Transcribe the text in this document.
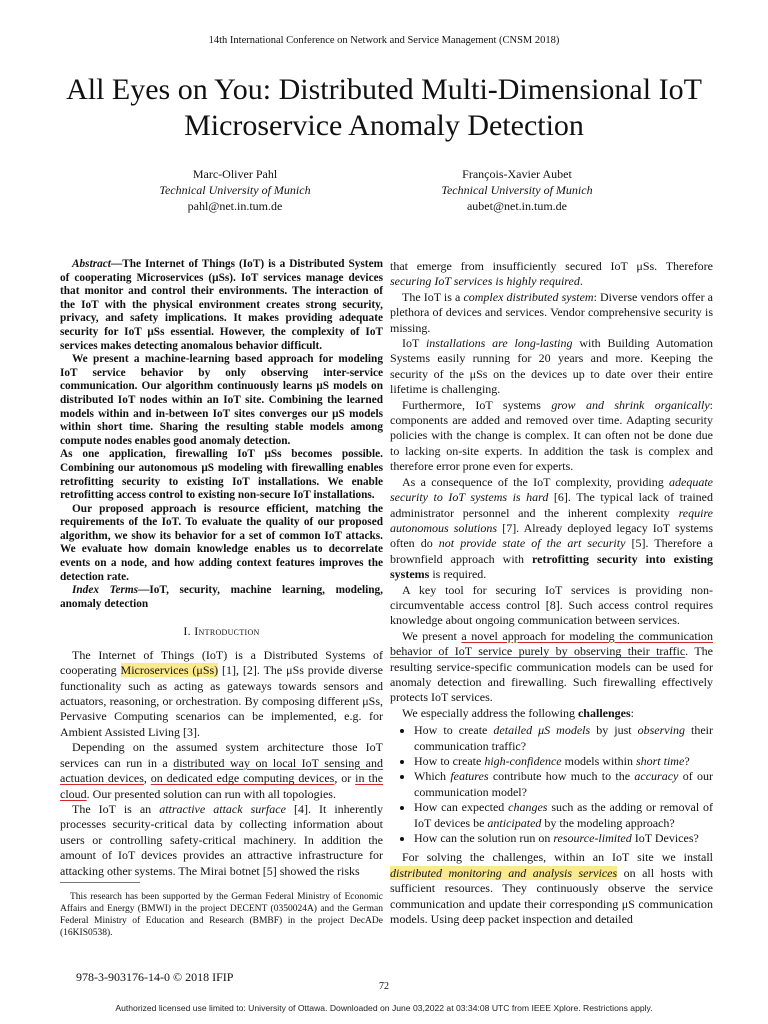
14th International Conference on Network and Service Management (CNSM 2018)
All Eyes on You: Distributed Multi-Dimensional IoT Microservice Anomaly Detection
Marc-Oliver Pahl
Technical University of Munich
pahl@net.in.tum.de
François-Xavier Aubet
Technical University of Munich
aubet@net.in.tum.de

Abstract—The Internet of Things (IoT) is a Distributed System of cooperating Microservices (μSs). IoT services manage devices that monitor and control their environments. The interaction of the IoT with the physical environment creates strong security, privacy, and safety implications. It makes providing adequate security for IoT μSs essential. However, the complexity of IoT services makes detecting anomalous behavior difficult.

We present a machine-learning based approach for modeling IoT service behavior by only observing inter-service communication. Our algorithm continuously learns μS models on distributed IoT nodes within an IoT site. Combining the learned models within and in-between IoT sites converges our μS models within short time. Sharing the resulting stable models among compute nodes enables good anomaly detection.

As one application, firewalling IoT μSs becomes possible. Combining our autonomous μS modeling with firewalling enables retrofitting security to existing IoT installations. We enable retrofitting access control to existing non-secure IoT installations.

Our proposed approach is resource efficient, matching the requirements of the IoT. To evaluate the quality of our proposed algorithm, we show its behavior for a set of common IoT attacks. We evaluate how domain knowledge enables us to decorrelate events on a node, and how adding context features improves the detection rate.

Index Terms—IoT, security, machine learning, modeling, anomaly detection

I. Introduction

The Internet of Things (IoT) is a Distributed Systems of cooperating Microservices (μSs) [1], [2]. The μSs provide diverse functionality such as acting as gateways towards sensors and actuators, reasoning, or orchestration. By composing different μSs, Pervasive Computing scenarios can be implemented, e.g. for Ambient Assisted Living [3].

Depending on the assumed system architecture those IoT services can run in a distributed way on local IoT sensing and actuation devices, on dedicated edge computing devices, or in the cloud. Our presented solution can run with all topologies.

The IoT is an attractive attack surface [4]. It inherently processes security-critical data by collecting information about users or controlling safety-critical machinery. In addition the amount of IoT devices provides an attractive infrastructure for attacking other systems. The Mirai botnet [5] showed the risks

that emerge from insufficiently secured IoT μSs. Therefore securing IoT services is highly required.

The IoT is a complex distributed system: Diverse vendors offer a plethora of devices and services. Vendor comprehensive security is missing.

IoT installations are long-lasting with Building Automation Systems easily running for 20 years and more. Keeping the security of the μSs on the devices up to date over their entire lifetime is challenging.

Furthermore, IoT systems grow and shrink organically: components are added and removed over time. Adapting security policies with the change is complex. It can often not be done due to lacking on-site experts. In addition the task is complex and therefore error prone even for experts.

As a consequence of the IoT complexity, providing adequate security to IoT systems is hard [6]. The typical lack of trained administrator personnel and the inherent complexity require autonomous solutions [7]. Already deployed legacy IoT systems often do not provide state of the art security [5]. Therefore a brownfield approach with retrofitting security into existing systems is required.

A key tool for securing IoT services is providing non-circumventable access control [8]. Such access control requires knowledge about ongoing communication between services.

We present a novel approach for modeling the communication behavior of IoT service purely by observing their traffic. The resulting service-specific communication models can be used for anomaly detection and firewalling. Such firewalling effectively protects IoT services.

We especially address the following challenges:

• How to create detailed μS models by just observing their communication traffic?
• How to create high-confidence models within short time?
• Which features contribute how much to the accuracy of our communication model?
• How can expected changes such as the adding or removal of IoT devices be anticipated by the modeling approach?
• How can the solution run on resource-limited IoT Devices?

For solving the challenges, within an IoT site we install distributed monitoring and analysis services on all hosts with sufficient resources. They continuously observe the service communication and update their corresponding μS communication models. Using deep packet inspection and detailed

This research has been supported by the German Federal Ministry of Economic Affairs and Energy (BMWI) in the project DECENT (0350024A) and the German Federal Ministry of Education and Research (BMBF) in the project DecADe (16KIS0538).

978-3-903176-14-0 © 2018 IFIP
72
Authorized licensed use limited to: University of Ottawa. Downloaded on June 03,2022 at 03:34:08 UTC from IEEE Xplore. Restrictions apply.
